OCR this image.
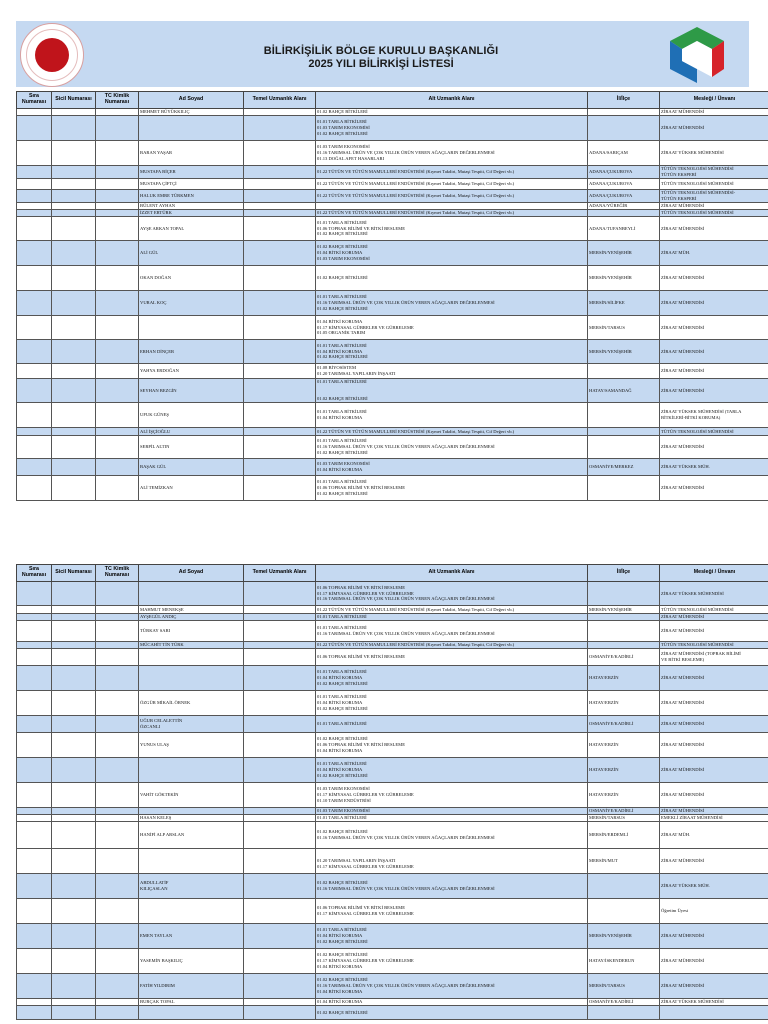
BİLİRKİŞİLİK BÖLGE KURULU BAŞKANLIĞI
2025 YILI BİLİRKİŞİ LİSTESİ
Sıra Numarası	Sicil Numarası	TC Kimlik Numarası	Ad Soyad	Temel Uzmanlık Alanı	Alt Uzmanlık Alanı	İl/İlçe	Mesleği / Ünvanı
			MEHMET BÜYÜKKILIÇ		01.02 BAHÇE BİTKİLERİ		ZİRAAT MÜHENDİSİ
					01.01 TARLA BİTKİLERİ
01.03 TARIM EKONOMİSİ
01.02 BAHÇE BİTKİLERİ		ZİRAAT MÜHENDİSİ
			BARAN YAŞAR		01.03 TARIM EKONOMİSİ
01.16 TARIMSAL ÜRÜN VE ÇOK YILLIK ÜRÜN VEREN AĞAÇLARIN DEĞERLENMESİ
01.13 DOĞAL AFET HASARLARI	ADANA/SARIÇAM	ZİRAAT YÜKSEK MÜHENDİSİ
			MUSTAFA BİÇER		01.22 TÜTÜN VE TÜTÜN MAMULLERİ ENDÜSTRİSİ (Kıymet Takdiri, Mutaşi Tespiti, Cif Değeri vb.)	ADANA/ÇUKUROVA	TÜTÜN TEKNOLOJİSİ MÜHENDİSİ
TÜTÜN EKSPERİ
			MUSTAFA ÇİFTÇİ		01.22 TÜTÜN VE TÜTÜN MAMULLERİ ENDÜSTRİSİ (Kıymet Takdiri, Mutaşi Tespiti, Cif Değeri vb.)	ADANA/ÇUKUROVA	TÜTÜN TEKNOLOJİSİ MÜHENDİSİ
			HALUK EMRE TÜRKMEN		01.22 TÜTÜN VE TÜTÜN MAMULLERİ ENDÜSTRİSİ (Kıymet Takdiri, Mutaşi Tespiti, Cif Değeri vb.)	ADANA/ÇUKUROVA	TÜTÜN TEKNOLOJİSİ MÜHENDİSİ-
TÜTÜN EKSPERİ
			BÜLENT AYHAN			ADANA/YÜREĞİR	ZİRAAT MÜHENDİSİ
			İZZET ERTÜRK		01.22 TÜTÜN VE TÜTÜN MAMULLERİ ENDÜSTRİSİ (Kıymet Takdiri, Mutaşi Tespiti, Cif Değeri vb.)		TÜTÜN TEKNOLOJİSİ MÜHENDİSİ
			AYŞE ARKAN TOPAL		01.01 TARLA BİTKİLERİ
01.06 TOPRAK BİLİMİ VE BİTKİ BESLEME
01.02 BAHÇE BİTKİLERİ	ADANA/TUFANBEYLİ	ZİRAAT MÜHENDİSİ
			ALİ GÜL		01.02 BAHÇE BİTKİLERİ
01.04 BİTKİ KORUMA
01.03 TARIM EKONOMİSİ	MERSİN/YENİŞEHİR	ZİRAAT MÜH.
			OKAN DOĞAN		01.02 BAHÇE BİTKİLERİ	MERSİN/YENİŞEHİR	ZİRAAT MÜHENDİSİ
			VURAL KOÇ		01.01 TARLA BİTKİLERİ
01.16 TARIMSAL ÜRÜN VE ÇOK YILLIK ÜRÜN VEREN AĞAÇLARIN DEĞERLENMESİ
01.02 BAHÇE BİTKİLERİ	MERSİN/SİLİFKE	ZİRAAT MÜHENDİSİ
					01.04 BİTKİ KORUMA
01.17 KİMYASAL GÜBRELER VE GÜBRELEME
01.05 ORGANİK TARIM	MERSİN/TARSUS	ZİRAAT MÜHENDİSİ
			ERHAN DİNÇER		01.01 TARLA BİTKİLERİ
01.04 BİTKİ KORUMA
01.02 BAHÇE BİTKİLERİ	MERSİN/YENİŞEHİR	ZİRAAT MÜHENDİSİ
			YAHYA ERDOĞAN		01.08 BİYOSİSTEM
01.20 TARIMSAL YAPILARIN İNŞAATI		ZİRAAT MÜHENDİSİ
			SEYHAN BEZGİN		01.01 TARLA BİTKİLERİ

01.02 BAHÇE BİTKİLERİ	HATAY/SAMANDAĞ	ZİRAAT MÜHENDİSİ
			UFUK GÜNEŞ		01.01 TARLA BİTKİLERİ
01.04 BİTKİ KORUMA		ZİRAAT YÜKSEK MÜHENDİSİ (TARLA
BİTKİLERİ-BİTKİ KORUMA)
			ALİ İŞÇİOĞLU		01.22 TÜTÜN VE TÜTÜN MAMULLERİ ENDÜSTRİSİ (Kıymet Takdiri, Mutaşi Tespiti, Cif Değeri vb.)		TÜTÜN TEKNOLOJİSİ MÜHENDİSİ
			SERPİL ALTIN		01.01 TARLA BİTKİLERİ
01.16 TARIMSAL ÜRÜN VE ÇOK YILLIK ÜRÜN VEREN AĞAÇLARIN DEĞERLENMESİ
01.02 BAHÇE BİTKİLERİ		ZİRAAT MÜHENDİSİ
			BAŞAK GÜL		01.03 TARIM EKONOMİSİ
01.04 BİTKİ KORUMA	OSMANİYE/MERKEZ	ZİRAAT YÜKSEK MÜH.
			ALİ TEMİZKAN		01.01 TARLA BİTKİLERİ
01.06 TOPRAK BİLİMİ VE BİTKİ BESLEME
01.02 BAHÇE BİTKİLERİ		ZİRAAT MÜHENDİSİ
Sıra Numarası	Sicil Numarası	TC Kimlik Numarası	Ad Soyad	Temel Uzmanlık Alanı	Alt Uzmanlık Alanı	İl/İlçe	Mesleği / Ünvanı
					01.06 TOPRAK BİLİMİ VE BİTKİ BESLEME
01.17 KİMYASAL GÜBRELER VE GÜBRELEME
01.16 TARIMSAL ÜRÜN VE ÇOK YILLIK ÜRÜN VEREN AĞAÇLARIN DEĞERLENMESİ		ZİRAAT YÜKSEK MÜHENDİSİ
			MAHMUT MENEKŞE		01.22 TÜTÜN VE TÜTÜN MAMULLERİ ENDÜSTRİSİ (Kıymet Takdiri, Mutaşi Tespiti, Cif Değeri vb.)	MERSİN/YENİŞEHİR	TÜTÜN TEKNOLOJİSİ MÜHENDİSİ
			AYŞEGÜL ANDIÇ		01.01 TARLA BİTKİLERİ		ZİRAAT MÜHENDİSİ
			TÜRKAY SARI		01.01 TARLA BİTKİLERİ
01.16 TARIMSAL ÜRÜN VE ÇOK YILLIK ÜRÜN VEREN AĞAÇLARIN DEĞERLENMESİ		ZİRAAT MÜHENDİSİ
			MÜCAHİT TİN TÜRK		01.22 TÜTÜN VE TÜTÜN MAMULLERİ ENDÜSTRİSİ (Kıymet Takdiri, Mutaşi Tespiti, Cif Değeri vb.)		TÜTÜN TEKNOLOJİSİ MÜHENDİSİ
					01.06 TOPRAK BİLİMİ VE BİTKİ BESLEME	OSMANİYE/KADİRLİ	ZİRAAT MÜHENDİSİ (TOPRAK BİLİMİ
VE BİTKİ BESLEME)
					01.01 TARLA BİTKİLERİ
01.04 BİTKİ KORUMA
01.02 BAHÇE BİTKİLERİ	HATAY/ERZİN	ZİRAAT MÜHENDİSİ
			ÖZGÜR MİKAİL ÖRNEK		01.01 TARLA BİTKİLERİ
01.04 BİTKİ KORUMA
01.02 BAHÇE BİTKİLERİ	HATAY/ERZİN	ZİRAAT MÜHENDİSİ
			UĞUR CELALETTİN
ÖZCANLI		01.01 TARLA BİTKİLERİ	OSMANİYE/KADİRLİ	ZİRAAT MÜHENDİSİ
			YUNUS ULAŞ		01.02 BAHÇE BİTKİLERİ
01.06 TOPRAK BİLİMİ VE BİTKİ BESLEME
01.04 BİTKİ KORUMA	HATAY/ERZİN	ZİRAAT MÜHENDİSİ
					01.01 TARLA BİTKİLERİ
01.04 BİTKİ KORUMA
01.02 BAHÇE BİTKİLERİ	HATAY/ERZİN	ZİRAAT MÜHENDİSİ
			VAHİT GÖKTEKİN		01.03 TARIM EKONOMİSİ
01.17 KİMYASAL GÜBRELER VE GÜBRELEME
01.10 TARIM ENDÜSTRİSİ	HATAY/ERZİN	ZİRAAT MÜHENDİSİ
					01.03 TARIM EKONOMİSİ	OSMANİYE/KADİRLİ	ZİRAAT MÜHENDİSİ
			HASAN KELEŞ		01.01 TARLA BİTKİLERİ	MERSİN/TARSUS	EMEKLİ ZİRAAT MÜHENDİSİ
			HANİFİ ALP ARSLAN		01.02 BAHÇE BİTKİLERİ
01.16 TARIMSAL ÜRÜN VE ÇOK YILLIK ÜRÜN VEREN AĞAÇLARIN DEĞERLENMESİ	MERSİN/ERDEMLİ	ZİRAAT MÜH.

01.20 TARIMSAL YAPILARIN İNŞAATI
01.17 KİMYASAL GÜBRELER VE GÜBRELEME	MERSİN/MUT	ZİRAAT MÜHENDİSİ
			ABDULLATİF
KILIÇASLAN		01.02 BAHÇE BİTKİLERİ
01.16 TARIMSAL ÜRÜN VE ÇOK YILLIK ÜRÜN VEREN AĞAÇLARIN DEĞERLENMESİ		ZİRAAT YÜKSEK MÜH.
					01.06 TOPRAK BİLİMİ VE BİTKİ BESLEME
01.17 KİMYASAL GÜBRELER VE GÜBRELEME		Öğretim Üyesi
			EMEN TAYLAN		01.01 TARLA BİTKİLERİ
01.04 BİTKİ KORUMA
01.02 BAHÇE BİTKİLERİ	MERSİN/YENİŞEHİR	ZİRAAT MÜHENDİSİ
			YASEMİN BAŞKILIÇ		01.02 BAHÇE BİTKİLERİ
01.17 KİMYASAL GÜBRELER VE GÜBRELEME
01.04 BİTKİ KORUMA	HATAY/İSKENDERUN	ZİRAAT MÜHENDİSİ
			FATİH YILDIRIM		01.02 BAHÇE BİTKİLERİ
01.16 TARIMSAL ÜRÜN VE ÇOK YILLIK ÜRÜN VEREN AĞAÇLARIN DEĞERLENMESİ
01.04 BİTKİ KORUMA	MERSİN/TARSUS	ZİRAAT MÜHENDİSİ
			BURÇAK TOPAL		01.04 BİTKİ KORUMA	OSMANİYE/KADİRLİ	ZİRAAT YÜKSEK MÜHENDİSİ
					01.02 BAHÇE BİTKİLERİ		
